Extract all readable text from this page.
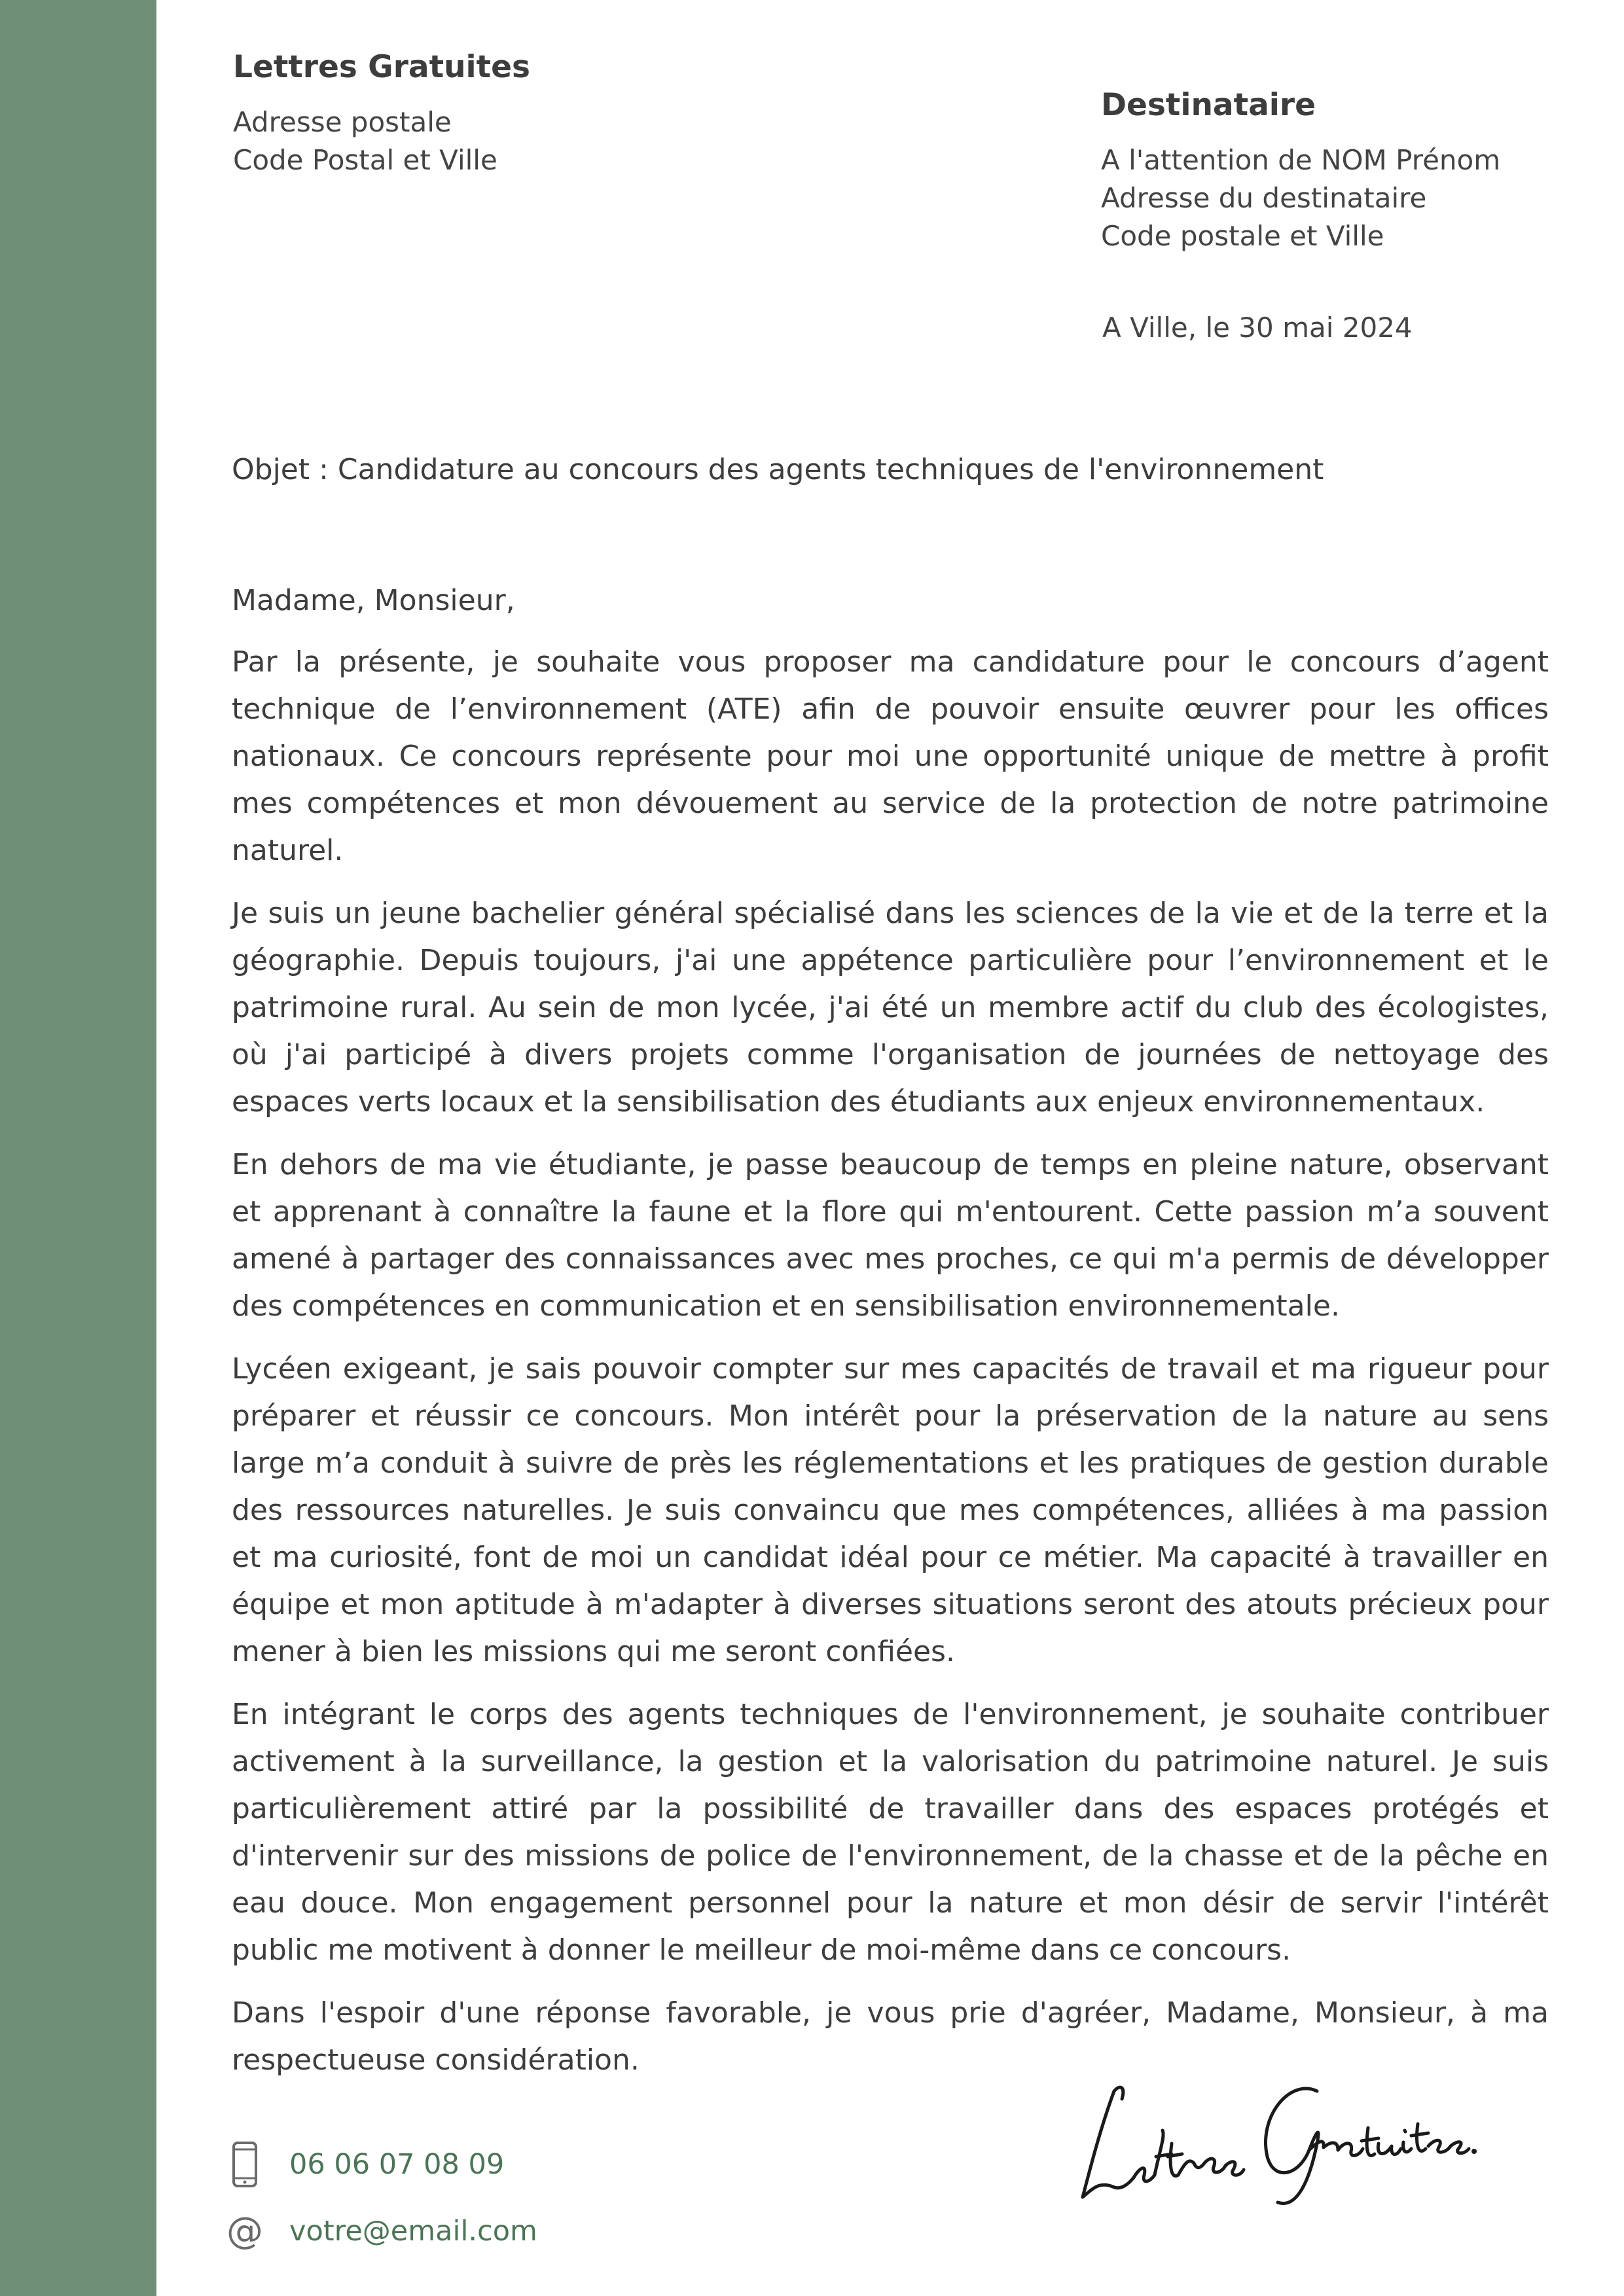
Lettres Gratuites
Adresse postale
Code Postal et Ville
Destinataire
A l'attention de NOM Prénom
Adresse du destinataire
Code postale et Ville
A Ville, le 30 mai 2024
Objet : Candidature au concours des agents techniques de l'environnement

Madame, Monsieur,

Par la présente, je souhaite vous proposer ma candidature pour le concours d’agent technique de l’environnement (ATE) afin de pouvoir ensuite œuvrer pour les offices nationaux. Ce concours représente pour moi une opportunité unique de mettre à profit mes compétences et mon dévouement au service de la protection de notre patrimoine naturel.

Je suis un jeune bachelier général spécialisé dans les sciences de la vie et de la terre et la géographie. Depuis toujours, j'ai une appétence particulière pour l’environnement et le patrimoine rural. Au sein de mon lycée, j'ai été un membre actif du club des écologistes, où j'ai participé à divers projets comme l'organisation de journées de nettoyage des espaces verts locaux et la sensibilisation des étudiants aux enjeux environnementaux.

En dehors de ma vie étudiante, je passe beaucoup de temps en pleine nature, observant et apprenant à connaître la faune et la flore qui m'entourent. Cette passion m’a souvent amené à partager des connaissances avec mes proches, ce qui m'a permis de développer des compétences en communication et en sensibilisation environnementale.

Lycéen exigeant, je sais pouvoir compter sur mes capacités de travail et ma rigueur pour préparer et réussir ce concours. Mon intérêt pour la préservation de la nature au sens large m’a conduit à suivre de près les réglementations et les pratiques de gestion durable des ressources naturelles. Je suis convaincu que mes compétences, alliées à ma passion et ma curiosité, font de moi un candidat idéal pour ce métier. Ma capacité à travailler en équipe et mon aptitude à m'adapter à diverses situations seront des atouts précieux pour mener à bien les missions qui me seront confiées.

En intégrant le corps des agents techniques de l'environnement, je souhaite contribuer activement à la surveillance, la gestion et la valorisation du patrimoine naturel. Je suis particulièrement attiré par la possibilité de travailler dans des espaces protégés et d'intervenir sur des missions de police de l'environnement, de la chasse et de la pêche en eau douce. Mon engagement personnel pour la nature et mon désir de servir l'intérêt public me motivent à donner le meilleur de moi-même dans ce concours.

Dans l'espoir d'une réponse favorable, je vous prie d'agréer, Madame, Monsieur, à ma respectueuse considération.

06 06 07 08 09
@ votre@email.com
